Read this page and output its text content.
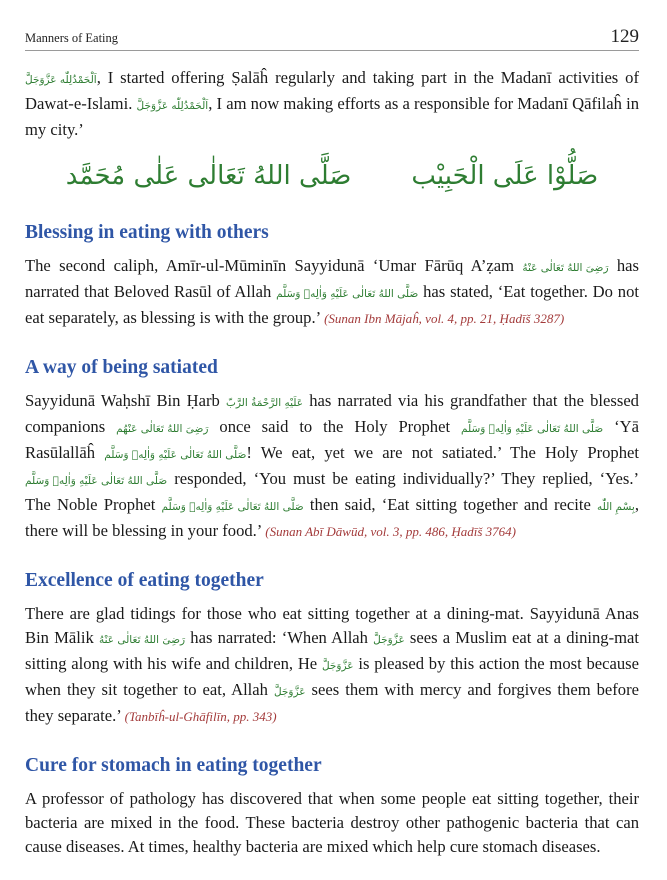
Manners of Eating	129

اَلْحَمْدُلِلّٰه عَزَّوَجَلَّ, I started offering Ṣalāĥ regularly and taking part in the Madanī activities of Dawat-e-Islami. اَلْحَمْدُلِلّٰه عَزَّوَجَلَّ, I am now making efforts as a responsible for Madanī Qāfilaĥ in my city.’

صَلَّى اللهُ تَعَالٰى عَلٰى مُحَمَّد صَلُّوْا عَلَى الْحَبِيْب
Blessing in eating with others

The second caliph, Amīr-ul-Mūminīn Sayyidunā ‘Umar Fārūq A’ẓam رَضِیَ اللهُ تَعَالٰی عَنْهُ has narrated that Beloved Rasūl of Allah صَلَّى اللهُ تَعَالٰى عَلَيْهِ وَاٰلِهٖ وَسَلَّم has stated, ‘Eat together. Do not eat separately, as blessing is with the group.’ (Sunan Ibn Mājaĥ, vol. 4, pp. 21, Ḥadīš 3287)

A way of being satiated

Sayyidunā Waḥshī Bin Ḥarb عَلَيْهِ الرَّحْمَةُ الرَّبّ has narrated via his grandfather that the blessed companions رَضِیَ اللهُ تَعَالٰی عَنْهُم once said to the Holy Prophet صَلَّى اللهُ تَعَالٰى عَلَيْهِ وَاٰلِهٖ وَسَلَّم ‘Yā Rasūlallāĥ صَلَّى اللهُ تَعَالٰى عَلَيْهِ وَاٰلِهٖ وَسَلَّم! We eat, yet we are not satiated.’ The Holy Prophet صَلَّى اللهُ تَعَالٰى عَلَيْهِ وَاٰلِهٖ وَسَلَّم responded, ‘You must be eating individually?’ They replied, ‘Yes.’ The Noble Prophet صَلَّى اللهُ تَعَالٰى عَلَيْهِ وَاٰلِهٖ وَسَلَّم then said, ‘Eat sitting together and recite بِسْمِ اللّٰه, there will be blessing in your food.’ (Sunan Abī Dāwūd, vol. 3, pp. 486, Ḥadīš 3764)

Excellence of eating together

There are glad tidings for those who eat sitting together at a dining-mat. Sayyidunā Anas Bin Mālik رَضِیَ اللهُ تَعَالٰی عَنْهُ has narrated: ‘When Allah عَزَّوَجَلَّ sees a Muslim eat at a dining-mat sitting along with his wife and children, He عَزَّوَجَلَّ is pleased by this action the most because when they sit together to eat, Allah عَزَّوَجَلَّ sees them with mercy and forgives them before they separate.’ (Tanbīĥ-ul-Ghāfilīn, pp. 343)

Cure for stomach in eating together

A professor of pathology has discovered that when some people eat sitting together, their bacteria are mixed in the food. These bacteria destroy other pathogenic bacteria that can cause diseases. At times, healthy bacteria are mixed which help cure stomach diseases.
